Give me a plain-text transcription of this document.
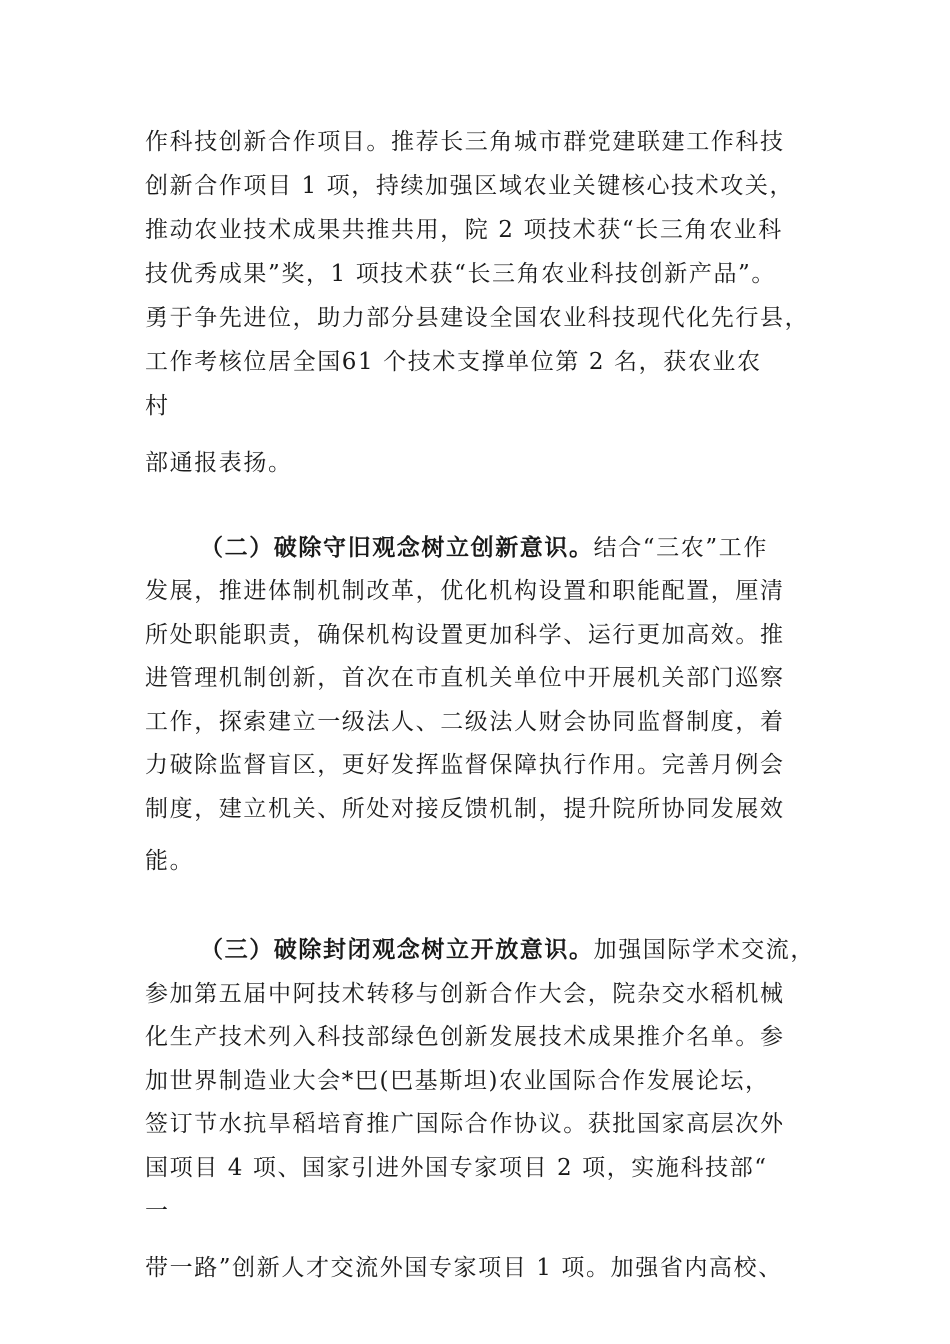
作科技创新合作项目。推荐长三角城市群党建联建工作科技
创新合作项目 1 项，持续加强区域农业关键核心技术攻关，
推动农业技术成果共推共用，院 2 项技术获“长三角农业科
技优秀成果”奖，1 项技术获“长三角农业科技创新产品”。
勇于争先进位，助力部分县建设全国农业科技现代化先行县，
工作考核位居全国61 个技术支撑单位第 2 名，获农业农
村
部通报表扬。
（二）破除守旧观念树立创新意识。结合“三农”工作
发展，推进体制机制改革，优化机构设置和职能配置，厘清
所处职能职责，确保机构设置更加科学、运行更加高效。推
进管理机制创新，首次在市直机关单位中开展机关部门巡察
工作，探索建立一级法人、二级法人财会协同监督制度，着
力破除监督盲区，更好发挥监督保障执行作用。完善月例会
制度，建立机关、所处对接反馈机制，提升院所协同发展效
能。
（三）破除封闭观念树立开放意识。加强国际学术交流，
参加第五届中阿技术转移与创新合作大会，院杂交水稻机械
化生产技术列入科技部绿色创新发展技术成果推介名单。参
加世界制造业大会*巴(巴基斯坦)农业国际合作发展论坛，
签订节水抗旱稻培育推广国际合作协议。获批国家高层次外
国项目 4 项、国家引进外国专家项目 2 项，实施科技部“
一
带一路”创新人才交流外国专家项目 1 项。加强省内高校、
